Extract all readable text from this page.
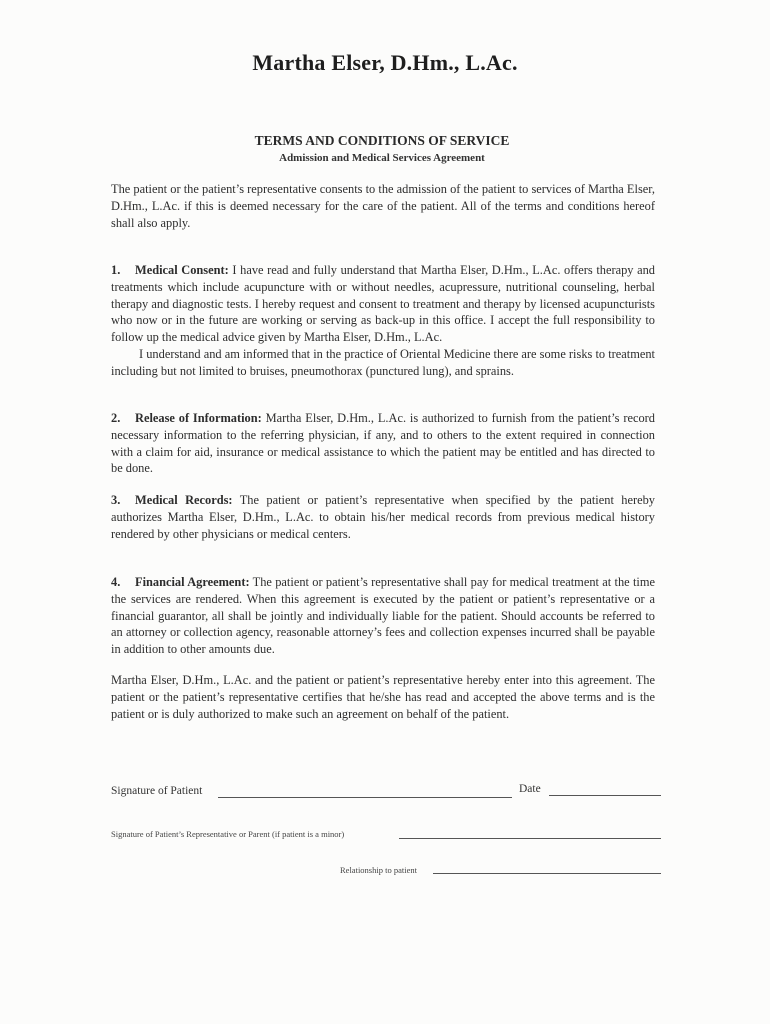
Martha Elser, D.Hm., L.Ac.
TERMS AND CONDITIONS OF SERVICE
Admission and Medical Services Agreement
The patient or the patient’s representative consents to the admission of the patient to services of Martha Elser, D.Hm., L.Ac. if this is deemed necessary for the care of the patient. All of the terms and conditions hereof shall also apply.
1. Medical Consent: I have read and fully understand that Martha Elser, D.Hm., L.Ac. offers therapy and treatments which include acupuncture with or without needles, acupressure, nutritional counseling, herbal therapy and diagnostic tests. I hereby request and consent to treatment and therapy by licensed acupuncturists who now or in the future are working or serving as back-up in this office. I accept the full responsibility to follow up the medical advice given by Martha Elser, D.Hm., L.Ac.
I understand and am informed that in the practice of Oriental Medicine there are some risks to treatment including but not limited to bruises, pneumothorax (punctured lung), and sprains.
2. Release of Information: Martha Elser, D.Hm., L.Ac. is authorized to furnish from the patient’s record necessary information to the referring physician, if any, and to others to the extent required in connection with a claim for aid, insurance or medical assistance to which the patient may be entitled and has directed to be done.
3. Medical Records: The patient or patient’s representative when specified by the patient hereby authorizes Martha Elser, D.Hm., L.Ac. to obtain his/her medical records from previous medical history rendered by other physicians or medical centers.
4. Financial Agreement: The patient or patient’s representative shall pay for medical treatment at the time the services are rendered. When this agreement is executed by the patient or patient’s representative or a financial guarantor, all shall be jointly and individually liable for the patient. Should accounts be referred to an attorney or collection agency, reasonable attorney’s fees and collection expenses incurred shall be payable in addition to other amounts due.
Martha Elser, D.Hm., L.Ac. and the patient or patient’s representative hereby enter into this agreement. The patient or the patient’s representative certifies that he/she has read and accepted the above terms and is the patient or is duly authorized to make such an agreement on behalf of the patient.
Signature of Patient	Date
Signature of Patient’s Representative or Parent (if patient is a minor)
Relationship to patient
